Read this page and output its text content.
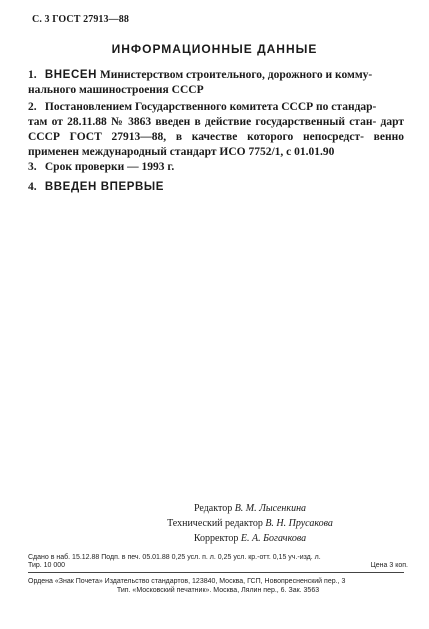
С. 3 ГОСТ 27913—88
ИНФОРМАЦИОННЫЕ ДАННЫЕ
1. ВНЕСЕН Министерством строительного, дорожного и комму-
нального машиностроения СССР
2. Постановлением Государственного комитета СССР по стандар-
там от 28.11.88 № 3863 введен в действие государственный стан- дарт СССР ГОСТ 27913—88, в качестве которого непосредст- венно применен международный стандарт ИСО 7752/1, с 01.01.90
3. Срок проверки — 1993 г.
4. ВВЕДЕН ВПЕРВЫЕ
Редактор В. М. Лысенкина
Технический редактор В. Н. Прусакова
Корректор Е. А. Богачкова
Сдано в наб. 15.12.88 Подп. в печ. 05.01.88 0,25 усл. п. л. 0,25 усл. кр.-отт. 0,15 уч.-изд. л.
Тир. 10 000	Цена 3 коп.
Ордена «Знак Почета» Издательство стандартов, 123840, Москва, ГСП, Новопресненский пер., 3
Тип. «Московский печатник». Москва, Лялин пер., 6. Зак. 3563
